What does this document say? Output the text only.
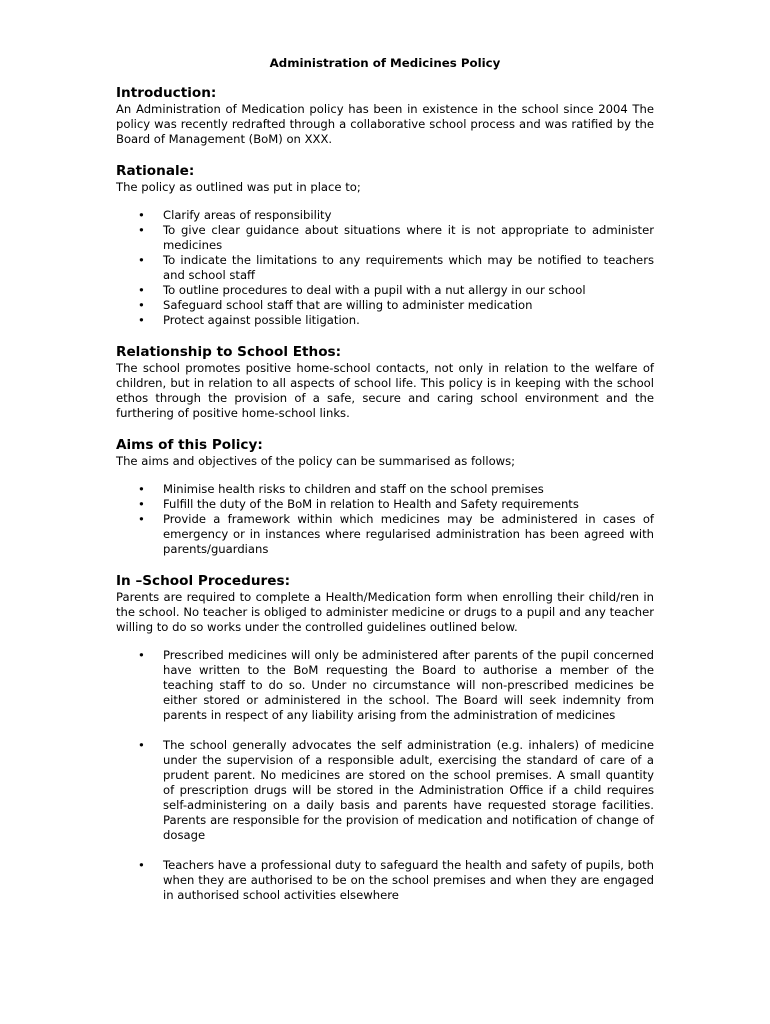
Administration of Medicines Policy
Introduction:

An Administration of Medication policy has been in existence in the school since 2004 The policy was recently redrafted through a collaborative school process and was ratified by the Board of Management (BoM) on XXX.

Rationale:

The policy as outlined was put in place to;

• Clarify areas of responsibility
• To give clear guidance about situations where it is not appropriate to administer medicines
• To indicate the limitations to any requirements which may be notified to teachers and school staff
• To outline procedures to deal with a pupil with a nut allergy in our school
• Safeguard school staff that are willing to administer medication
• Protect against possible litigation.
Relationship to School Ethos:

The school promotes positive home-school contacts, not only in relation to the welfare of children, but in relation to all aspects of school life. This policy is in keeping with the school ethos through the provision of a safe, secure and caring school environment and the furthering of positive home-school links.

Aims of this Policy:

The aims and objectives of the policy can be summarised as follows;

• Minimise health risks to children and staff on the school premises
• Fulfill the duty of the BoM in relation to Health and Safety requirements
• Provide a framework within which medicines may be administered in cases of emergency or in instances where regularised administration has been agreed with parents/guardians
In –School Procedures:

Parents are required to complete a Health/Medication form when enrolling their child/ren in the school. No teacher is obliged to administer medicine or drugs to a pupil and any teacher willing to do so works under the controlled guidelines outlined below.

• Prescribed medicines will only be administered after parents of the pupil concerned have written to the BoM requesting the Board to authorise a member of the teaching staff to do so. Under no circumstance will non-prescribed medicines be either stored or administered in the school. The Board will seek indemnity from parents in respect of any liability arising from the administration of medicines
• The school generally advocates the self administration (e.g. inhalers) of medicine under the supervision of a responsible adult, exercising the standard of care of a prudent parent. No medicines are stored on the school premises. A small quantity of prescription drugs will be stored in the Administration Office if a child requires self-administering on a daily basis and parents have requested storage facilities. Parents are responsible for the provision of medication and notification of change of dosage
• Teachers have a professional duty to safeguard the health and safety of pupils, both when they are authorised to be on the school premises and when they are engaged in authorised school activities elsewhere
